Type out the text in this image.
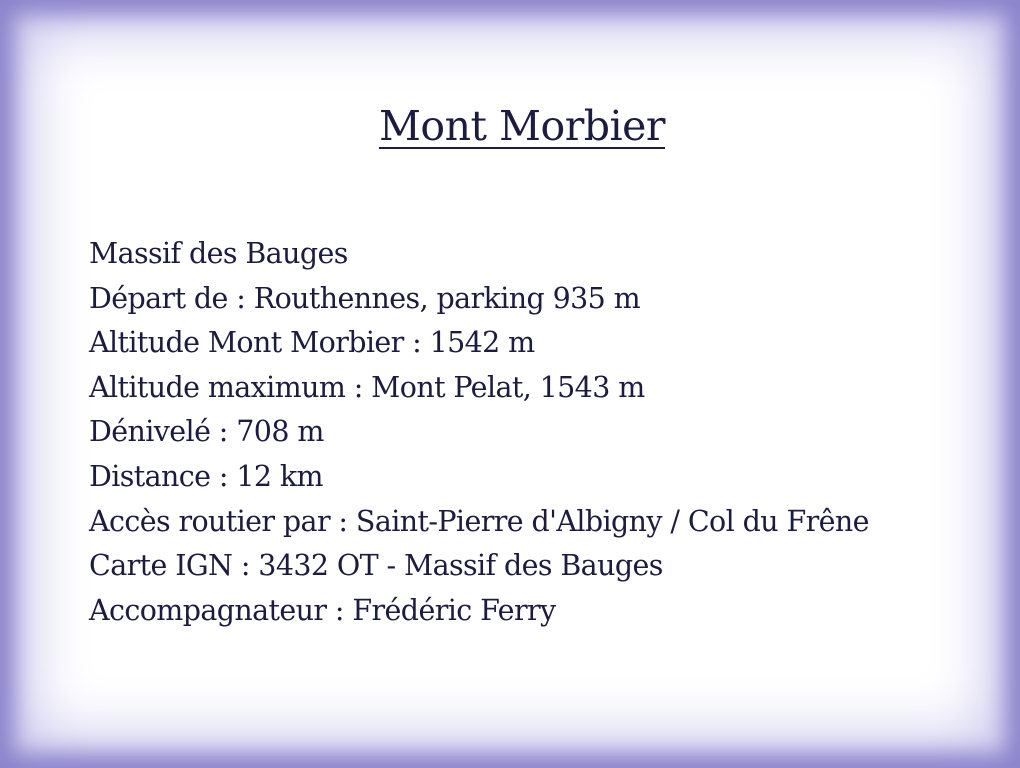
Mont Morbier
Massif des Bauges
Départ de : Routhennes, parking 935 m
Altitude Mont Morbier : 1542 m
Altitude maximum : Mont Pelat, 1543 m
Dénivelé : 708 m
Distance : 12 km
Accès routier par : Saint-Pierre d'Albigny / Col du Frêne
Carte IGN : 3432 OT - Massif des Bauges
Accompagnateur : Frédéric Ferry
